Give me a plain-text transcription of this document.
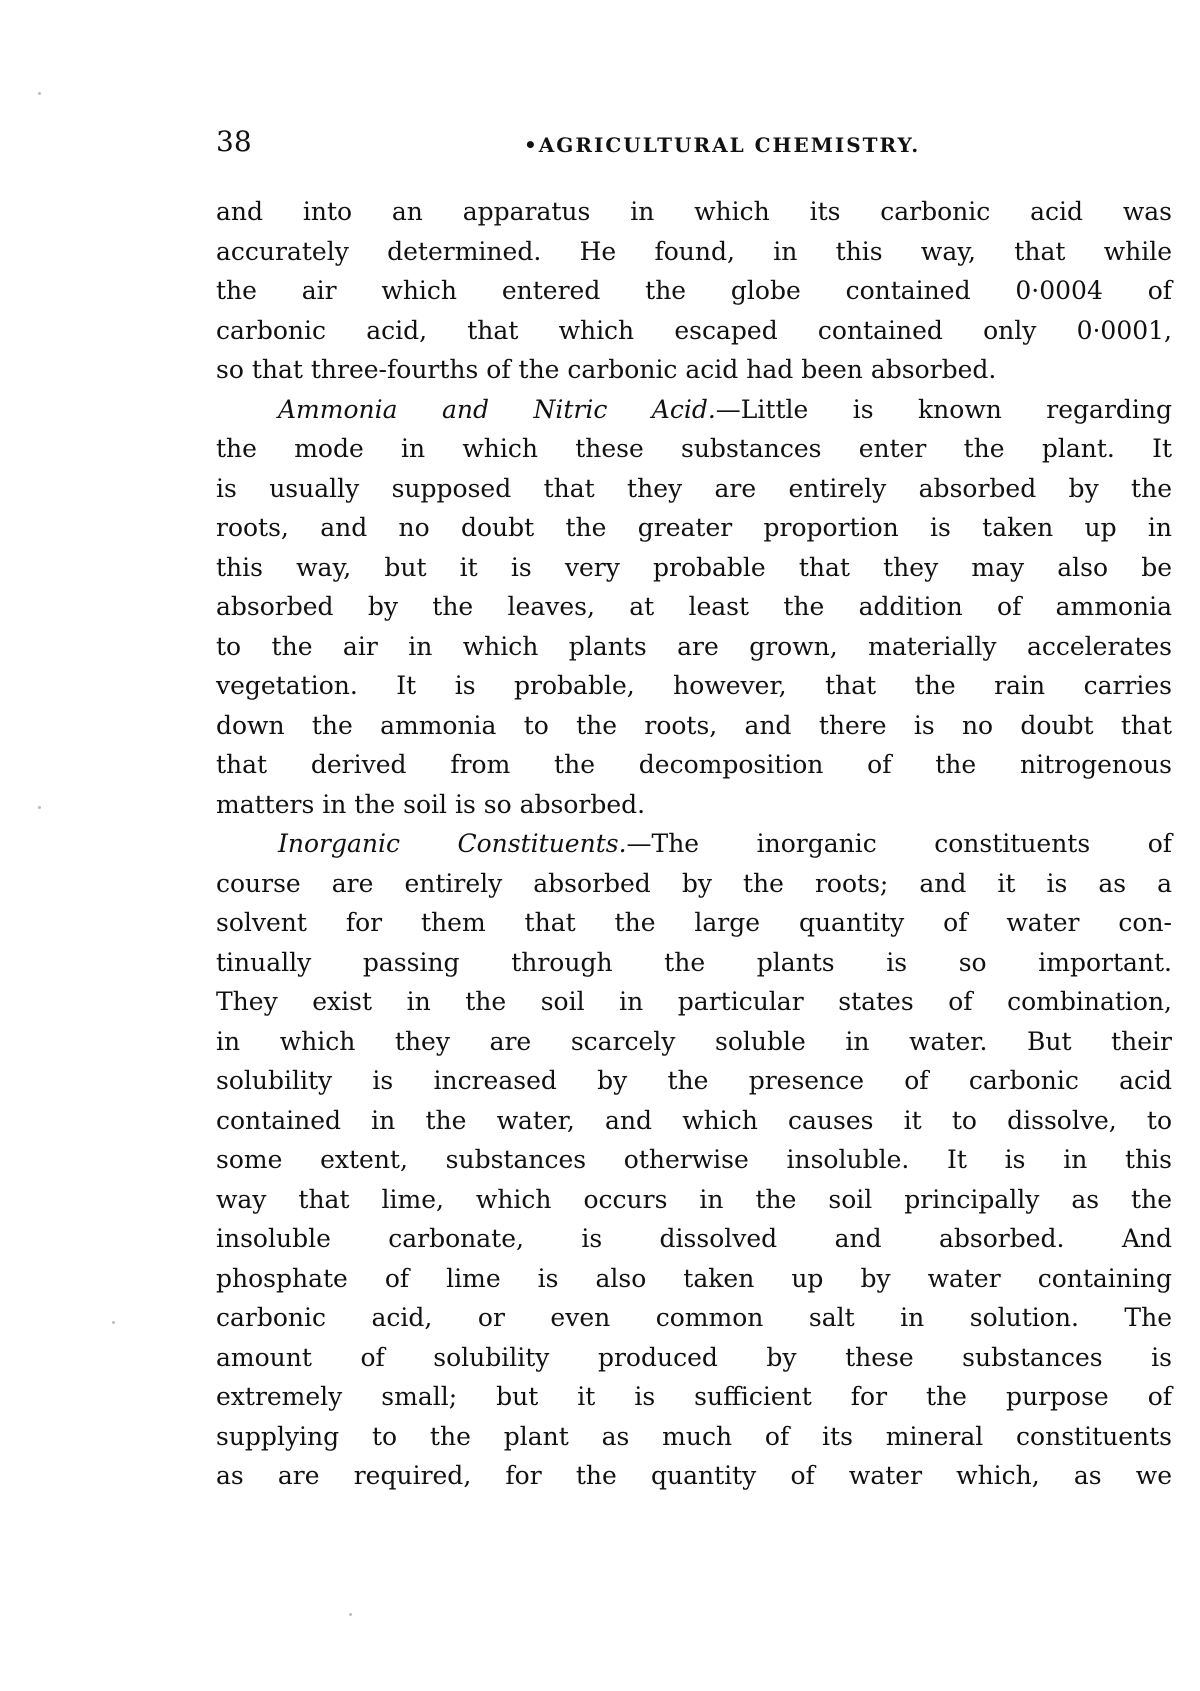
38	•AGRICULTURAL CHEMISTRY.
and into an apparatus in which its carbonic acid was
accurately determined. He found, in this way, that while
the air which entered the globe contained 0·0004 of
carbonic acid, that which escaped contained only 0·0001,
so that three-fourths of the carbonic acid had been absorbed.
Ammonia and Nitric Acid.—Little is known regarding
the mode in which these substances enter the plant. It
is usually supposed that they are entirely absorbed by the
roots, and no doubt the greater proportion is taken up in
this way, but it is very probable that they may also be
absorbed by the leaves, at least the addition of ammonia
to the air in which plants are grown, materially accelerates
vegetation. It is probable, however, that the rain carries
down the ammonia to the roots, and there is no doubt that
that derived from the decomposition of the nitrogenous
matters in the soil is so absorbed.
Inorganic Constituents.—The inorganic constituents of
course are entirely absorbed by the roots; and it is as a
solvent for them that the large quantity of water con-
tinually passing through the plants is so important.
They exist in the soil in particular states of combination,
in which they are scarcely soluble in water. But their
solubility is increased by the presence of carbonic acid
contained in the water, and which causes it to dissolve, to
some extent, substances otherwise insoluble. It is in this
way that lime, which occurs in the soil principally as the
insoluble carbonate, is dissolved and absorbed. And
phosphate of lime is also taken up by water containing
carbonic acid, or even common salt in solution. The
amount of solubility produced by these substances is
extremely small; but it is sufficient for the purpose of
supplying to the plant as much of its mineral constituents
as are required, for the quantity of water which, as we
